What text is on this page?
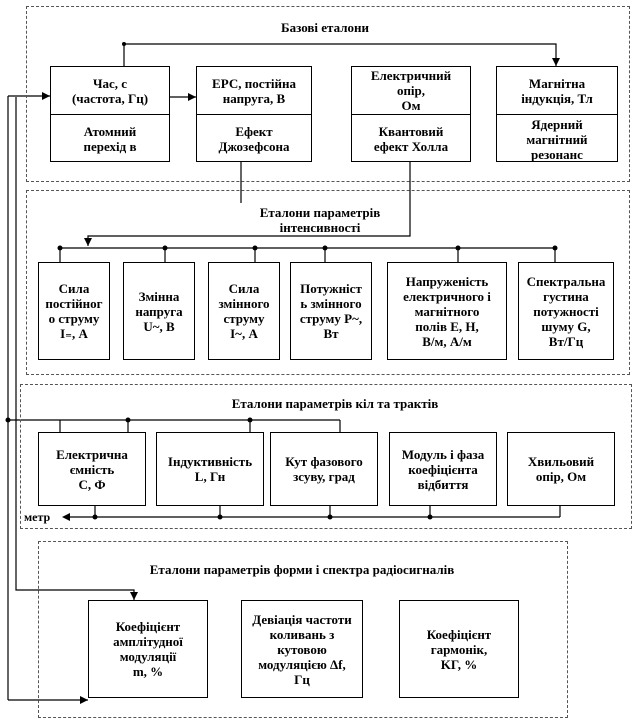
Базові еталони
Час, с
(частота, Гц)
Атомний
перехід в
ЕРС, постійна
напруга, В
Ефект
Джозефсона
Електричний
опір,
Ом
Квантовий
ефект Холла
Магнітна
індукція, Тл
Ядерний
магнітний
резонанс
Еталони параметрів
інтенсивності
Сила
постійног
о струму
I₌, А
Змінна
напруга
U~, В
Сила
змінного
струму
I~, А
Потужніст
ь змінного
струму P~,
Вт
Напруженість
електричного і
магнітного
полів E, H,
В/м, А/м
Спектральна
густина
потужності
шуму G,
Вт/Гц
Еталони параметрів кіл та трактів
Електрична
ємність
C, Ф
Індуктивність
L, Гн
Кут фазового
зсуву, град
Модуль і фаза
коефіцієнта
відбиття
Хвильовий
опір, Ом
метр
Еталони параметрів форми і спектра радіосигналів
Коефіцієнт
амплітудної
модуляції
m, %
Девіація частоти
коливань з
кутовою
модуляцією Δf,
Гц
Коефіцієнт
гармонік,
KГ, %
